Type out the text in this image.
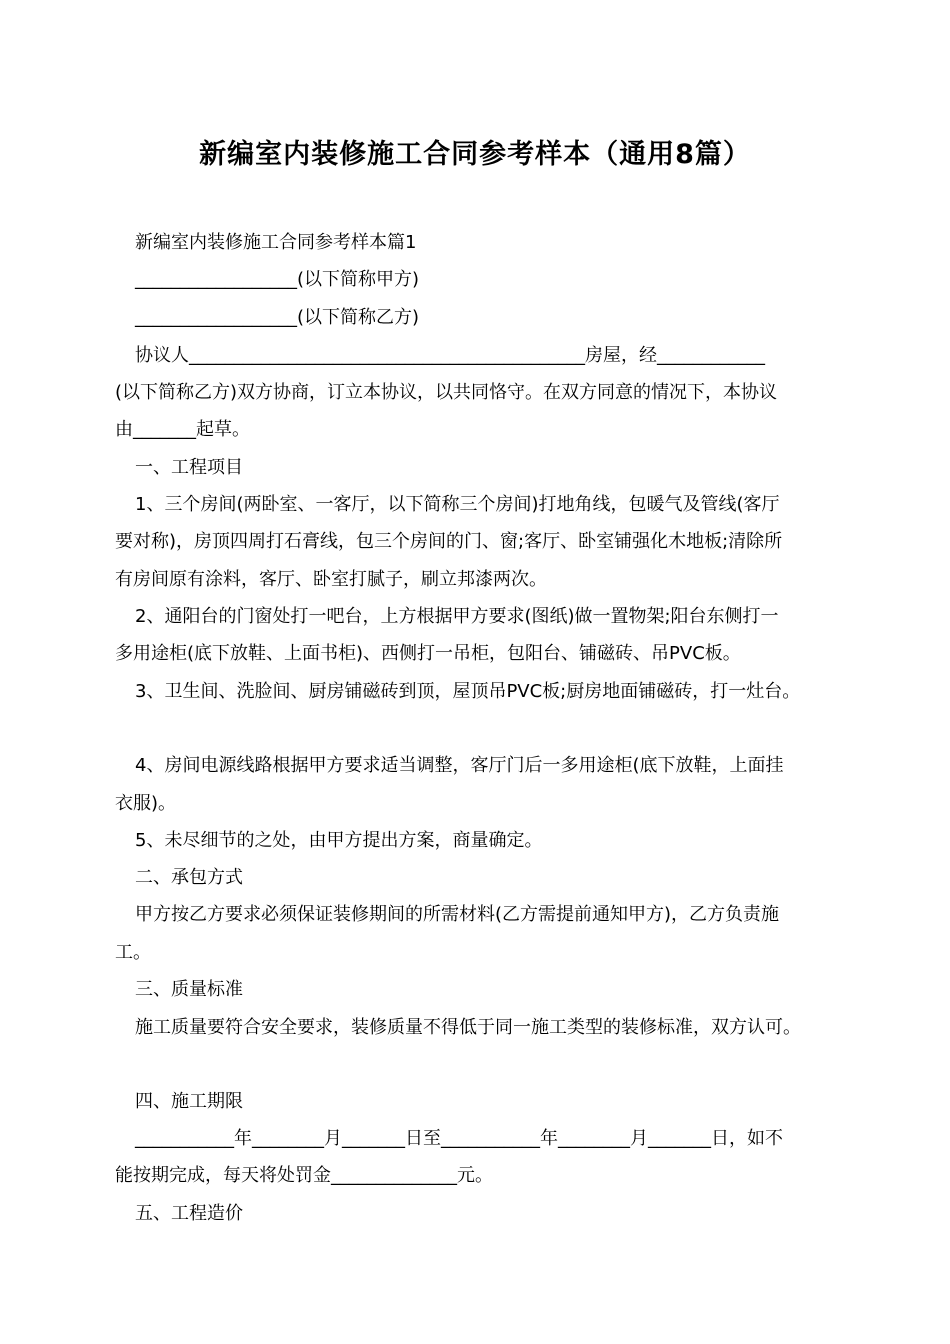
新编室内装修施工合同参考样本（通用8篇）
新编室内装修施工合同参考样本篇1
__________________(以下简称甲方)
__________________(以下简称乙方)
协议人____________________________________________房屋，经____________
(以下简称乙方)双方协商，订立本协议，以共同恪守。在双方同意的情况下，本协议
由_______起草。
一、工程项目
1、三个房间(两卧室、一客厅，以下简称三个房间)打地角线，包暖气及管线(客厅
要对称)，房顶四周打石膏线，包三个房间的门、窗;客厅、卧室铺强化木地板;清除所
有房间原有涂料，客厅、卧室打腻子，刷立邦漆两次。
2、通阳台的门窗处打一吧台，上方根据甲方要求(图纸)做一置物架;阳台东侧打一
多用途柜(底下放鞋、上面书柜)、西侧打一吊柜，包阳台、铺磁砖、吊PVC板。
3、卫生间、洗脸间、厨房铺磁砖到顶，屋顶吊PVC板;厨房地面铺磁砖，打一灶台。
4、房间电源线路根据甲方要求适当调整，客厅门后一多用途柜(底下放鞋，上面挂
衣服)。
5、未尽细节的之处，由甲方提出方案，商量确定。
二、承包方式
甲方按乙方要求必须保证装修期间的所需材料(乙方需提前通知甲方)，乙方负责施
工。
三、质量标准
施工质量要符合安全要求，装修质量不得低于同一施工类型的装修标准，双方认可。
四、施工期限
___________年________月_______日至___________年________月_______日，如不
能按期完成，每天将处罚金______________元。
五、工程造价
